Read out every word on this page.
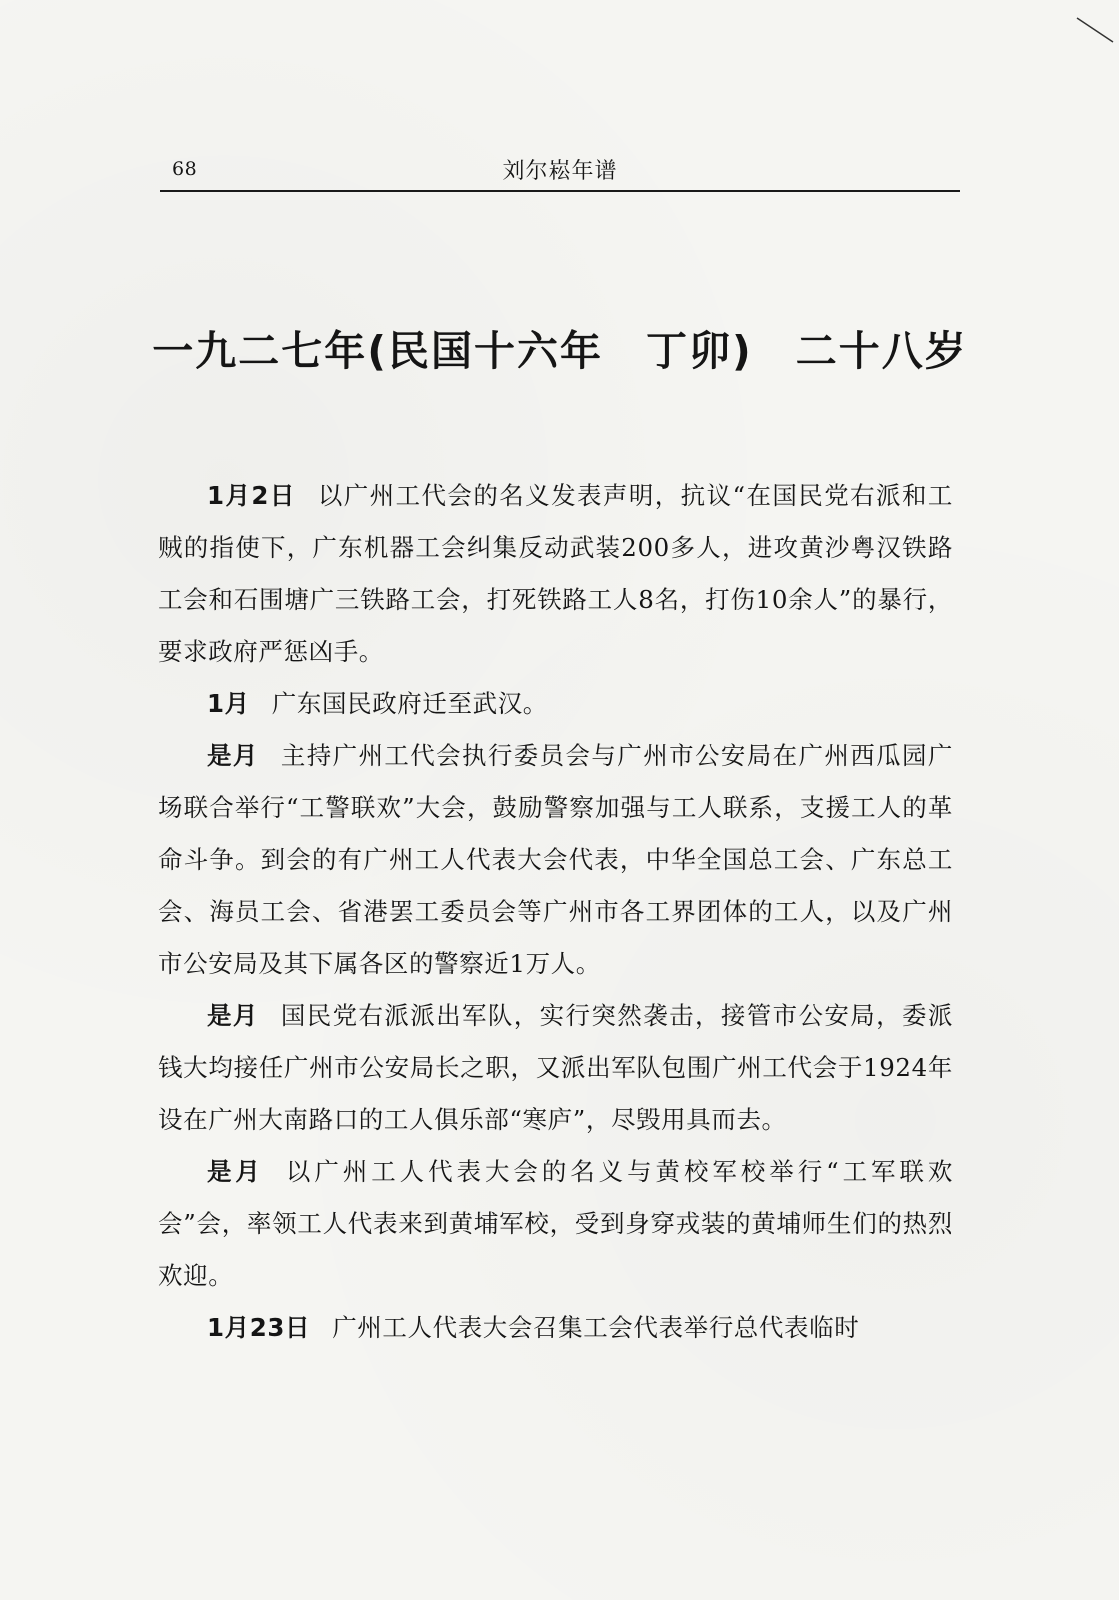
68	刘尔崧年谱
一九二七年(民国十六年　丁卯)　二十八岁

1月2日 以广州工代会的名义发表声明，抗议“在国民党右派和工贼的指使下，广东机器工会纠集反动武装200多人，进攻黄沙粤汉铁路工会和石围塘广三铁路工会，打死铁路工人8名，打伤10余人”的暴行，要求政府严惩凶手。

1月 广东国民政府迁至武汉。

是月 主持广州工代会执行委员会与广州市公安局在广州西瓜园广场联合举行“工警联欢”大会，鼓励警察加强与工人联系，支援工人的革命斗争。到会的有广州工人代表大会代表，中华全国总工会、广东总工会、海员工会、省港罢工委员会等广州市各工界团体的工人，以及广州市公安局及其下属各区的警察近1万人。

是月 国民党右派派出军队，实行突然袭击，接管市公安局，委派钱大均接任广州市公安局长之职，又派出军队包围广州工代会于1924年设在广州大南路口的工人俱乐部“寒庐”，尽毁用具而去。

是月 以广州工人代表大会的名义与黄校军校举行“工军联欢会”会，率领工人代表来到黄埔军校，受到身穿戎装的黄埔师生们的热烈欢迎。

1月23日 广州工人代表大会召集工会代表举行总代表临时
